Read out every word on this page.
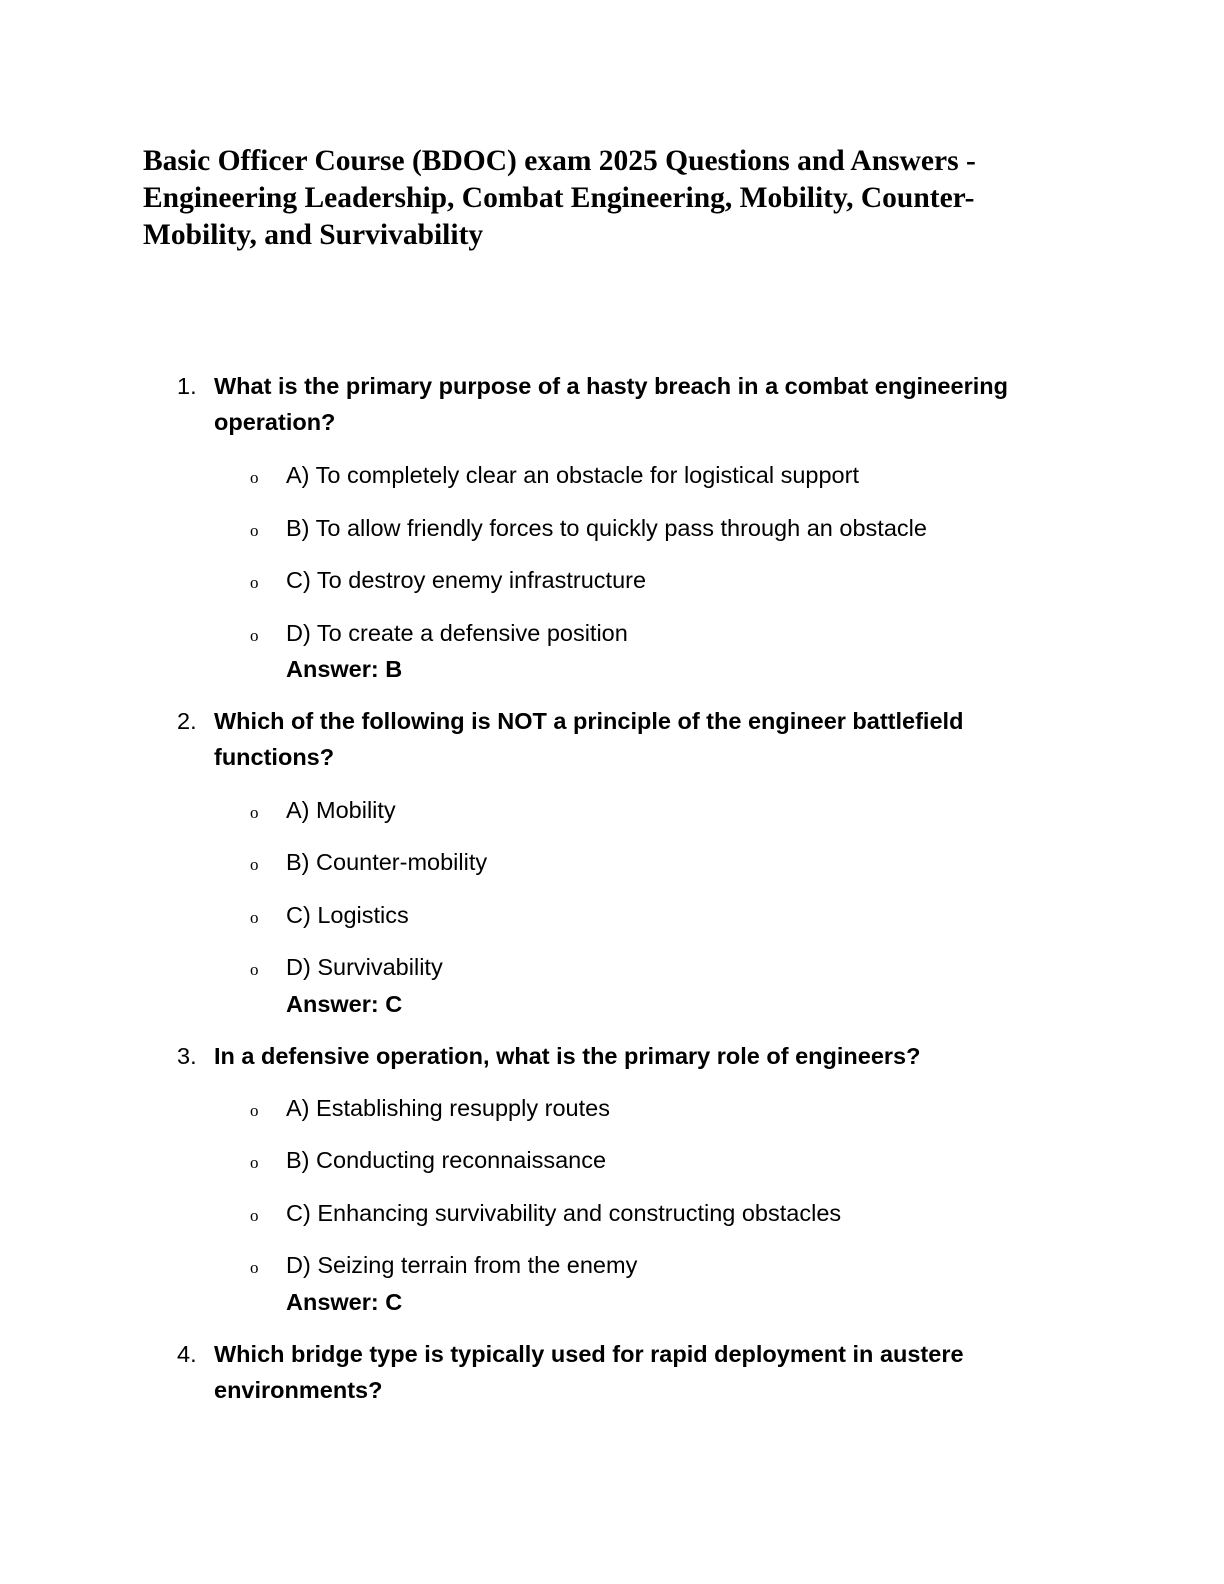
Basic Officer Course (BDOC) exam 2025 Questions and Answers - Engineering Leadership, Combat Engineering, Mobility, Counter-Mobility, and Survivability
1. What is the primary purpose of a hasty breach in a combat engineering operation?
o A) To completely clear an obstacle for logistical support
o B) To allow friendly forces to quickly pass through an obstacle
o C) To destroy enemy infrastructure
o D) To create a defensive position
Answer: B
2. Which of the following is NOT a principle of the engineer battlefield functions?
o A) Mobility
o B) Counter-mobility
o C) Logistics
o D) Survivability
Answer: C
3. In a defensive operation, what is the primary role of engineers?
o A) Establishing resupply routes
o B) Conducting reconnaissance
o C) Enhancing survivability and constructing obstacles
o D) Seizing terrain from the enemy
Answer: C
4. Which bridge type is typically used for rapid deployment in austere environments?
